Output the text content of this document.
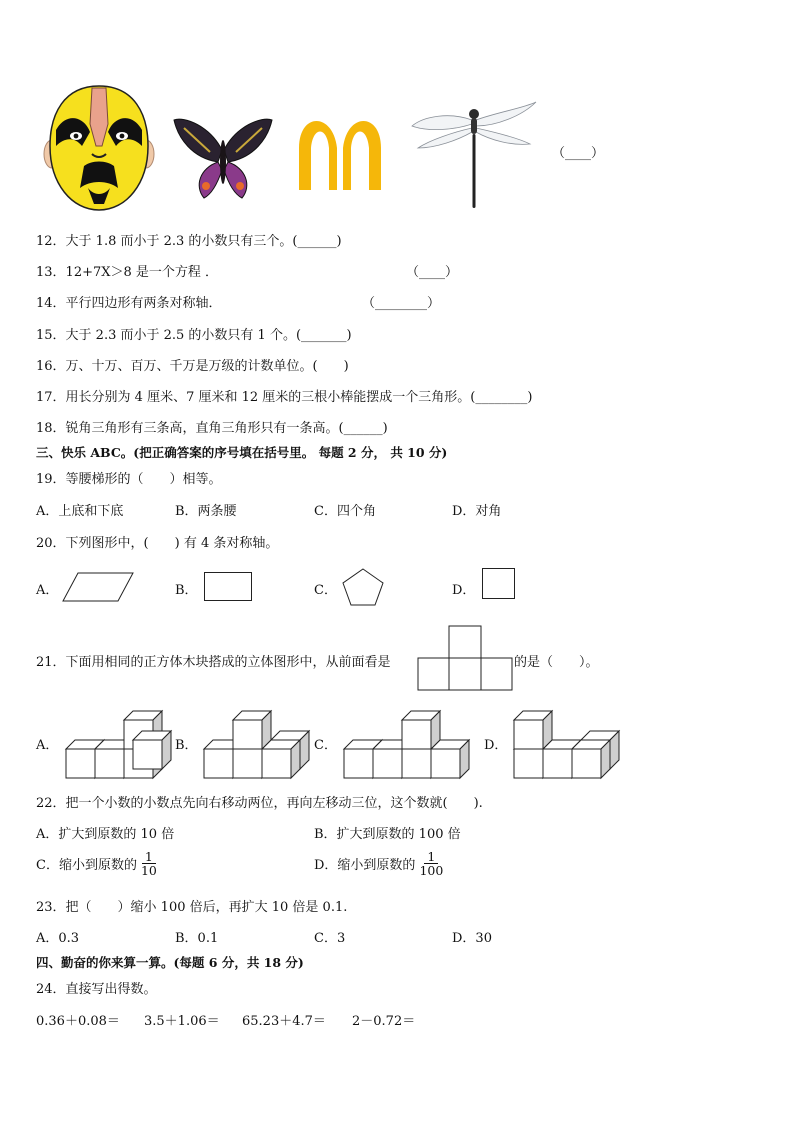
（____）
12．大于 1.8 而小于 2.3 的小数只有三个。(______)
13．12+7X＞8 是一个方程 ．	（____）
14．平行四边形有两条对称轴．	（________）
15．大于 2.3 而小于 2.5 的小数只有 1 个。(_______)
16．万、十万、百万、千万是万级的计数单位。(　　)
17．用长分别为 4 厘米、7 厘米和 12 厘米的三根小棒能摆成一个三角形。(________)
18．锐角三角形有三条高，直角三角形只有一条高。(______)
三、快乐 ABC。(把正确答案的序号填在括号里。 每题 2 分， 共 10 分)
19．等腰梯形的（　　）相等。
A．上底和下底	B．两条腰	C．四个角	D．对角
20．下列图形中，(　　) 有 4 条对称轴。
A．	B．	C．	D．
21．下面用相同的正方体木块搭成的立体图形中，从前面看是	的是（　　）。
A．	B．	C．	D．
22．把一个小数的小数点先向右移动两位，再向左移动三位，这个数就(　　).
A．扩大到原数的 10 倍	B．扩大到原数的 100 倍
C．缩小到原数的 $\frac{1}{10}$	D．缩小到原数的 $\frac{1}{100}$
23．把（　　）缩小 100 倍后，再扩大 10 倍是 0.1.
A．0.3	B．0.1	C．3	D．30
四、勤奋的你来算一算。(每题 6 分，共 18 分)
24．直接写出得数。
0.36＋0.08＝ 3.5＋1.06＝ 65.23＋4.7＝ 2－0.72＝
